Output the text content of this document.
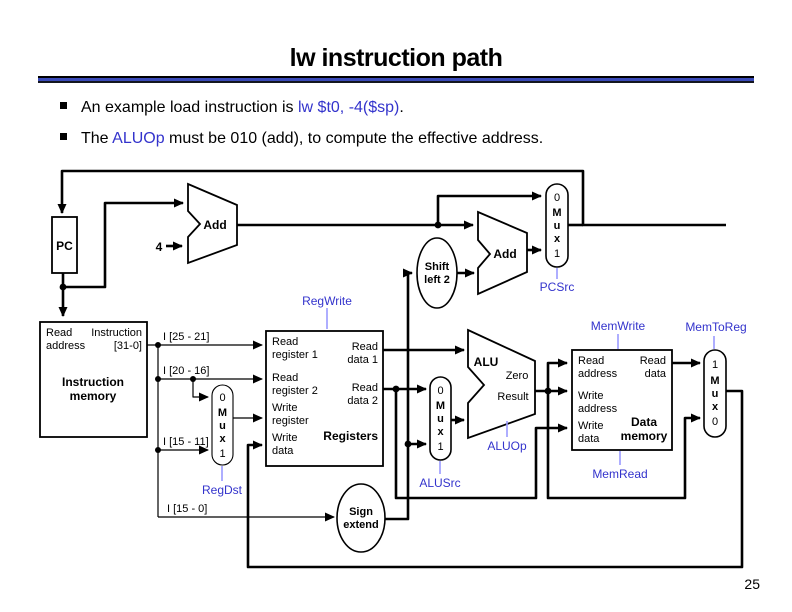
lw instruction path
An example load instruction is lw $t0, -4($sp).
The ALUOp must be 010 (add), to compute the effective address.
PC
Read
address
Instruction
[31-0]
Instruction
memory
Add
4	Add
Shift
left 2
Sign
extend
Read
register 1
Read
register 2
Write
register
Write
data
Read
data 1
Read
data 2
Registers
ALU
Zero
Result
Read
address
Read
data
Write
address
Write
data
Data
memory
0
M
u
x
1
0
M
u
x
1
0
M
u
x
1
1
M
u
x
0
I [25 - 21]
I [20 - 16]
I [15 - 11]
I [15 - 0]
RegWrite
PCSrc
RegDst	ALUSrc
ALUOp
MemWrite
MemRead
MemToReg
25
